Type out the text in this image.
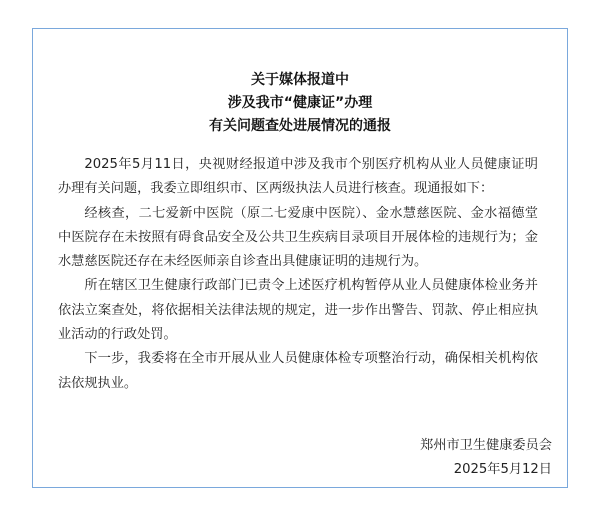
关于媒体报道中
涉及我市“健康证”办理
有关问题查处进展情况的通报

2025年5月11日，央视财经报道中涉及我市个别医疗机构从业人员健康证明办理有关问题，我委立即组织市、区两级执法人员进行核查。现通报如下：

经核查，二七爱新中医院（原二七爱康中医院）、金水慧慈医院、金水福德堂中医院存在未按照有碍食品安全及公共卫生疾病目录项目开展体检的违规行为；金水慧慈医院还存在未经医师亲自诊查出具健康证明的违规行为。

所在辖区卫生健康行政部门已责令上述医疗机构暂停从业人员健康体检业务并依法立案查处，将依据相关法律法规的规定，进一步作出警告、罚款、停止相应执业活动的行政处罚。

下一步，我委将在全市开展从业人员健康体检专项整治行动，确保相关机构依法依规执业。

郑州市卫生健康委员会
2025年5月12日
